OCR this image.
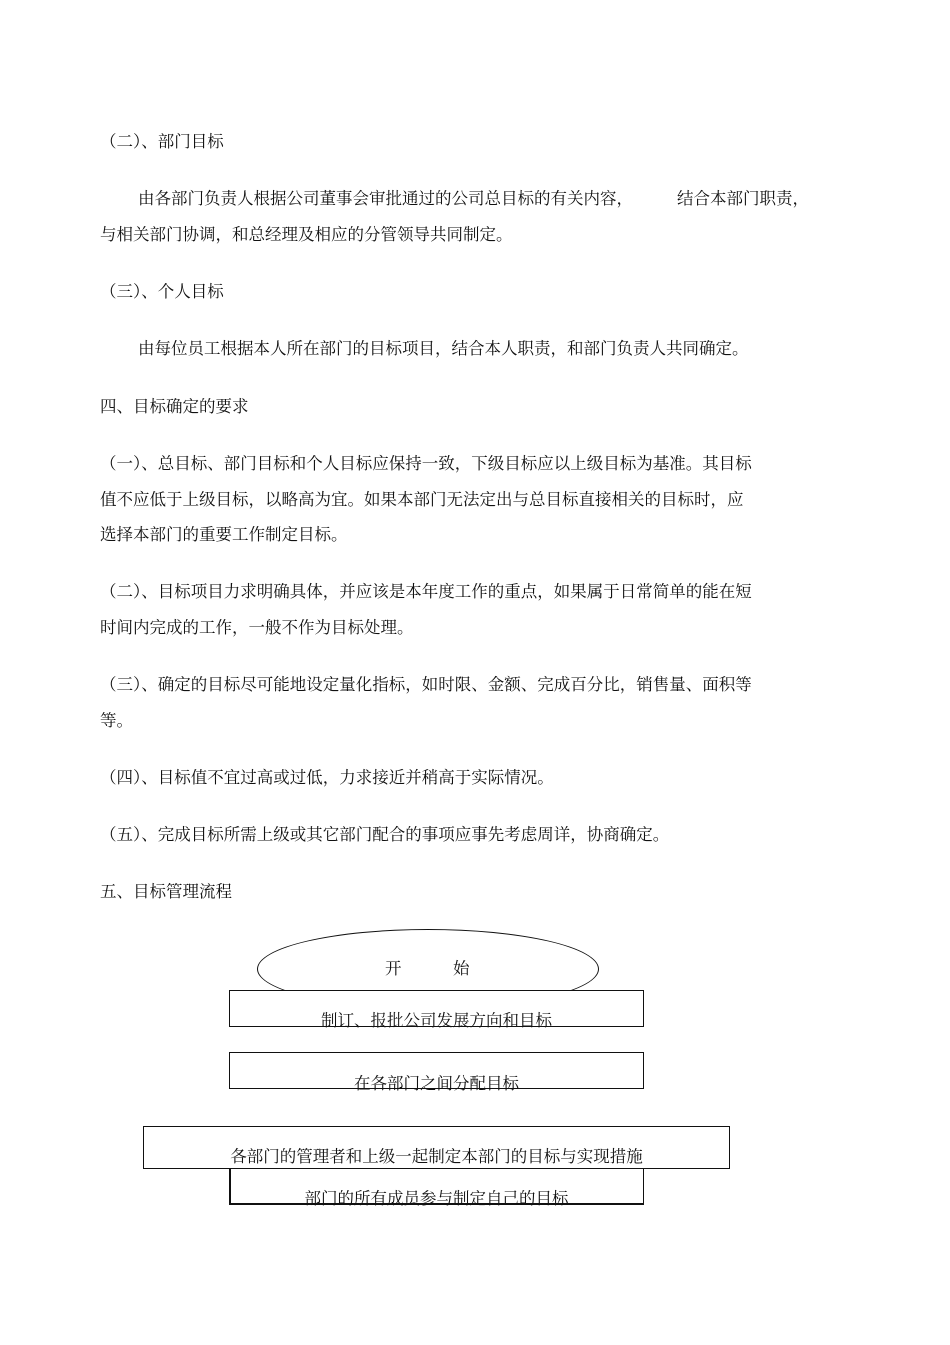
（二）、部门目标
由各部门负责人根据公司董事会审批通过的公司总目标的有关内容，	结合本部门职责，
与相关部门协调，和总经理及相应的分管领导共同制定。
（三）、个人目标
由每位员工根据本人所在部门的目标项目，结合本人职责，和部门负责人共同确定。
四、目标确定的要求
（一）、总目标、部门目标和个人目标应保持一致，下级目标应以上级目标为基准。其目标
值不应低于上级目标，以略高为宜。如果本部门无法定出与总目标直接相关的目标时，应
选择本部门的重要工作制定目标。
（二）、目标项目力求明确具体，并应该是本年度工作的重点，如果属于日常简单的能在短
时间内完成的工作，一般不作为目标处理。
（三）、确定的目标尽可能地设定量化指标，如时限、金额、完成百分比，销售量、面积等
等。
（四）、目标值不宜过高或过低，力求接近并稍高于实际情况。
（五）、完成目标所需上级或其它部门配合的事项应事先考虑周详，协商确定。
五、目标管理流程
开	始
制订、报批公司发展方向和目标
在各部门之间分配目标
各部门的管理者和上级一起制定本部门的目标与实现措施
部门的所有成员参与制定自己的目标
